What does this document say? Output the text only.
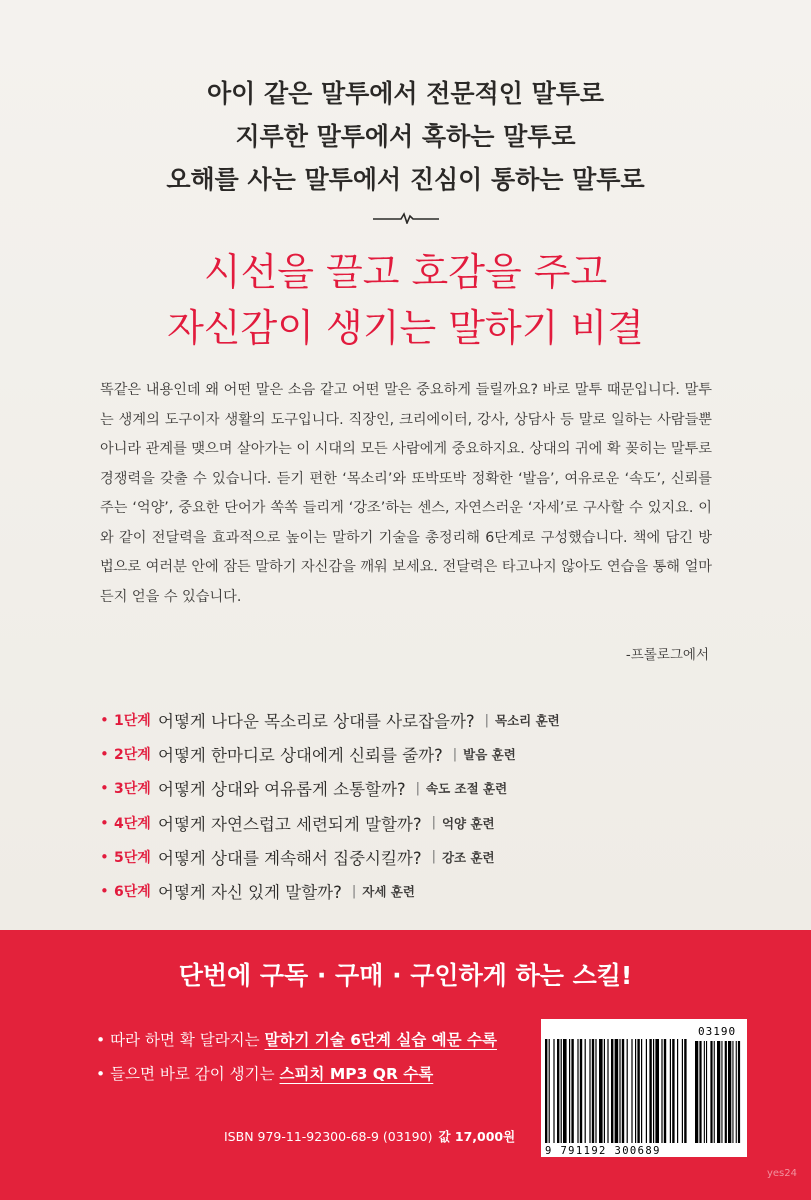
아이 같은 말투에서 전문적인 말투로
지루한 말투에서 혹하는 말투로
오해를 사는 말투에서 진심이 통하는 말투로
시선을 끌고 호감을 주고
자신감이 생기는 말하기 비결
똑같은 내용인데 왜 어떤 말은 소음 같고 어떤 말은 중요하게 들릴까요? 바로 말투 때문입니다. 말투는 생계의 도구이자 생활의 도구입니다. 직장인, 크리에이터, 강사, 상담사 등 말로 일하는 사람들뿐 아니라 관계를 맺으며 살아가는 이 시대의 모든 사람에게 중요하지요. 상대의 귀에 확 꽂히는 말투로 경쟁력을 갖출 수 있습니다. 듣기 편한 ‘목소리’와 또박또박 정확한 ‘발음’, 여유로운 ‘속도’, 신뢰를 주는 ‘억양’, 중요한 단어가 쏙쏙 들리게 ‘강조’하는 센스, 자연스러운 ‘자세’로 구사할 수 있지요. 이와 같이 전달력을 효과적으로 높이는 말하기 기술을 총정리해 6단계로 구성했습니다. 책에 담긴 방법으로 여러분 안에 잠든 말하기 자신감을 깨워 보세요. 전달력은 타고나지 않아도 연습을 통해 얼마든지 얻을 수 있습니다.
-프롤로그에서
• 1단계 어떻게 나다운 목소리로 상대를 사로잡을까? | 목소리 훈련
• 2단계 어떻게 한마디로 상대에게 신뢰를 줄까? | 발음 훈련
• 3단계 어떻게 상대와 여유롭게 소통할까? | 속도 조절 훈련
• 4단계 어떻게 자연스럽고 세련되게 말할까? | 억양 훈련
• 5단계 어떻게 상대를 계속해서 집중시킬까? | 강조 훈련
• 6단계 어떻게 자신 있게 말할까? | 자세 훈련
단번에 구독 · 구매 · 구인하게 하는 스킬!
• 따라 하면 확 달라지는 말하기 기술 6단계 실습 예문 수록
• 들으면 바로 감이 생기는 스피치 MP3 QR 수록
ISBN 979-11-92300-68-9 (03190) 값 17,000원
03190
9 791192 300689
yes24
